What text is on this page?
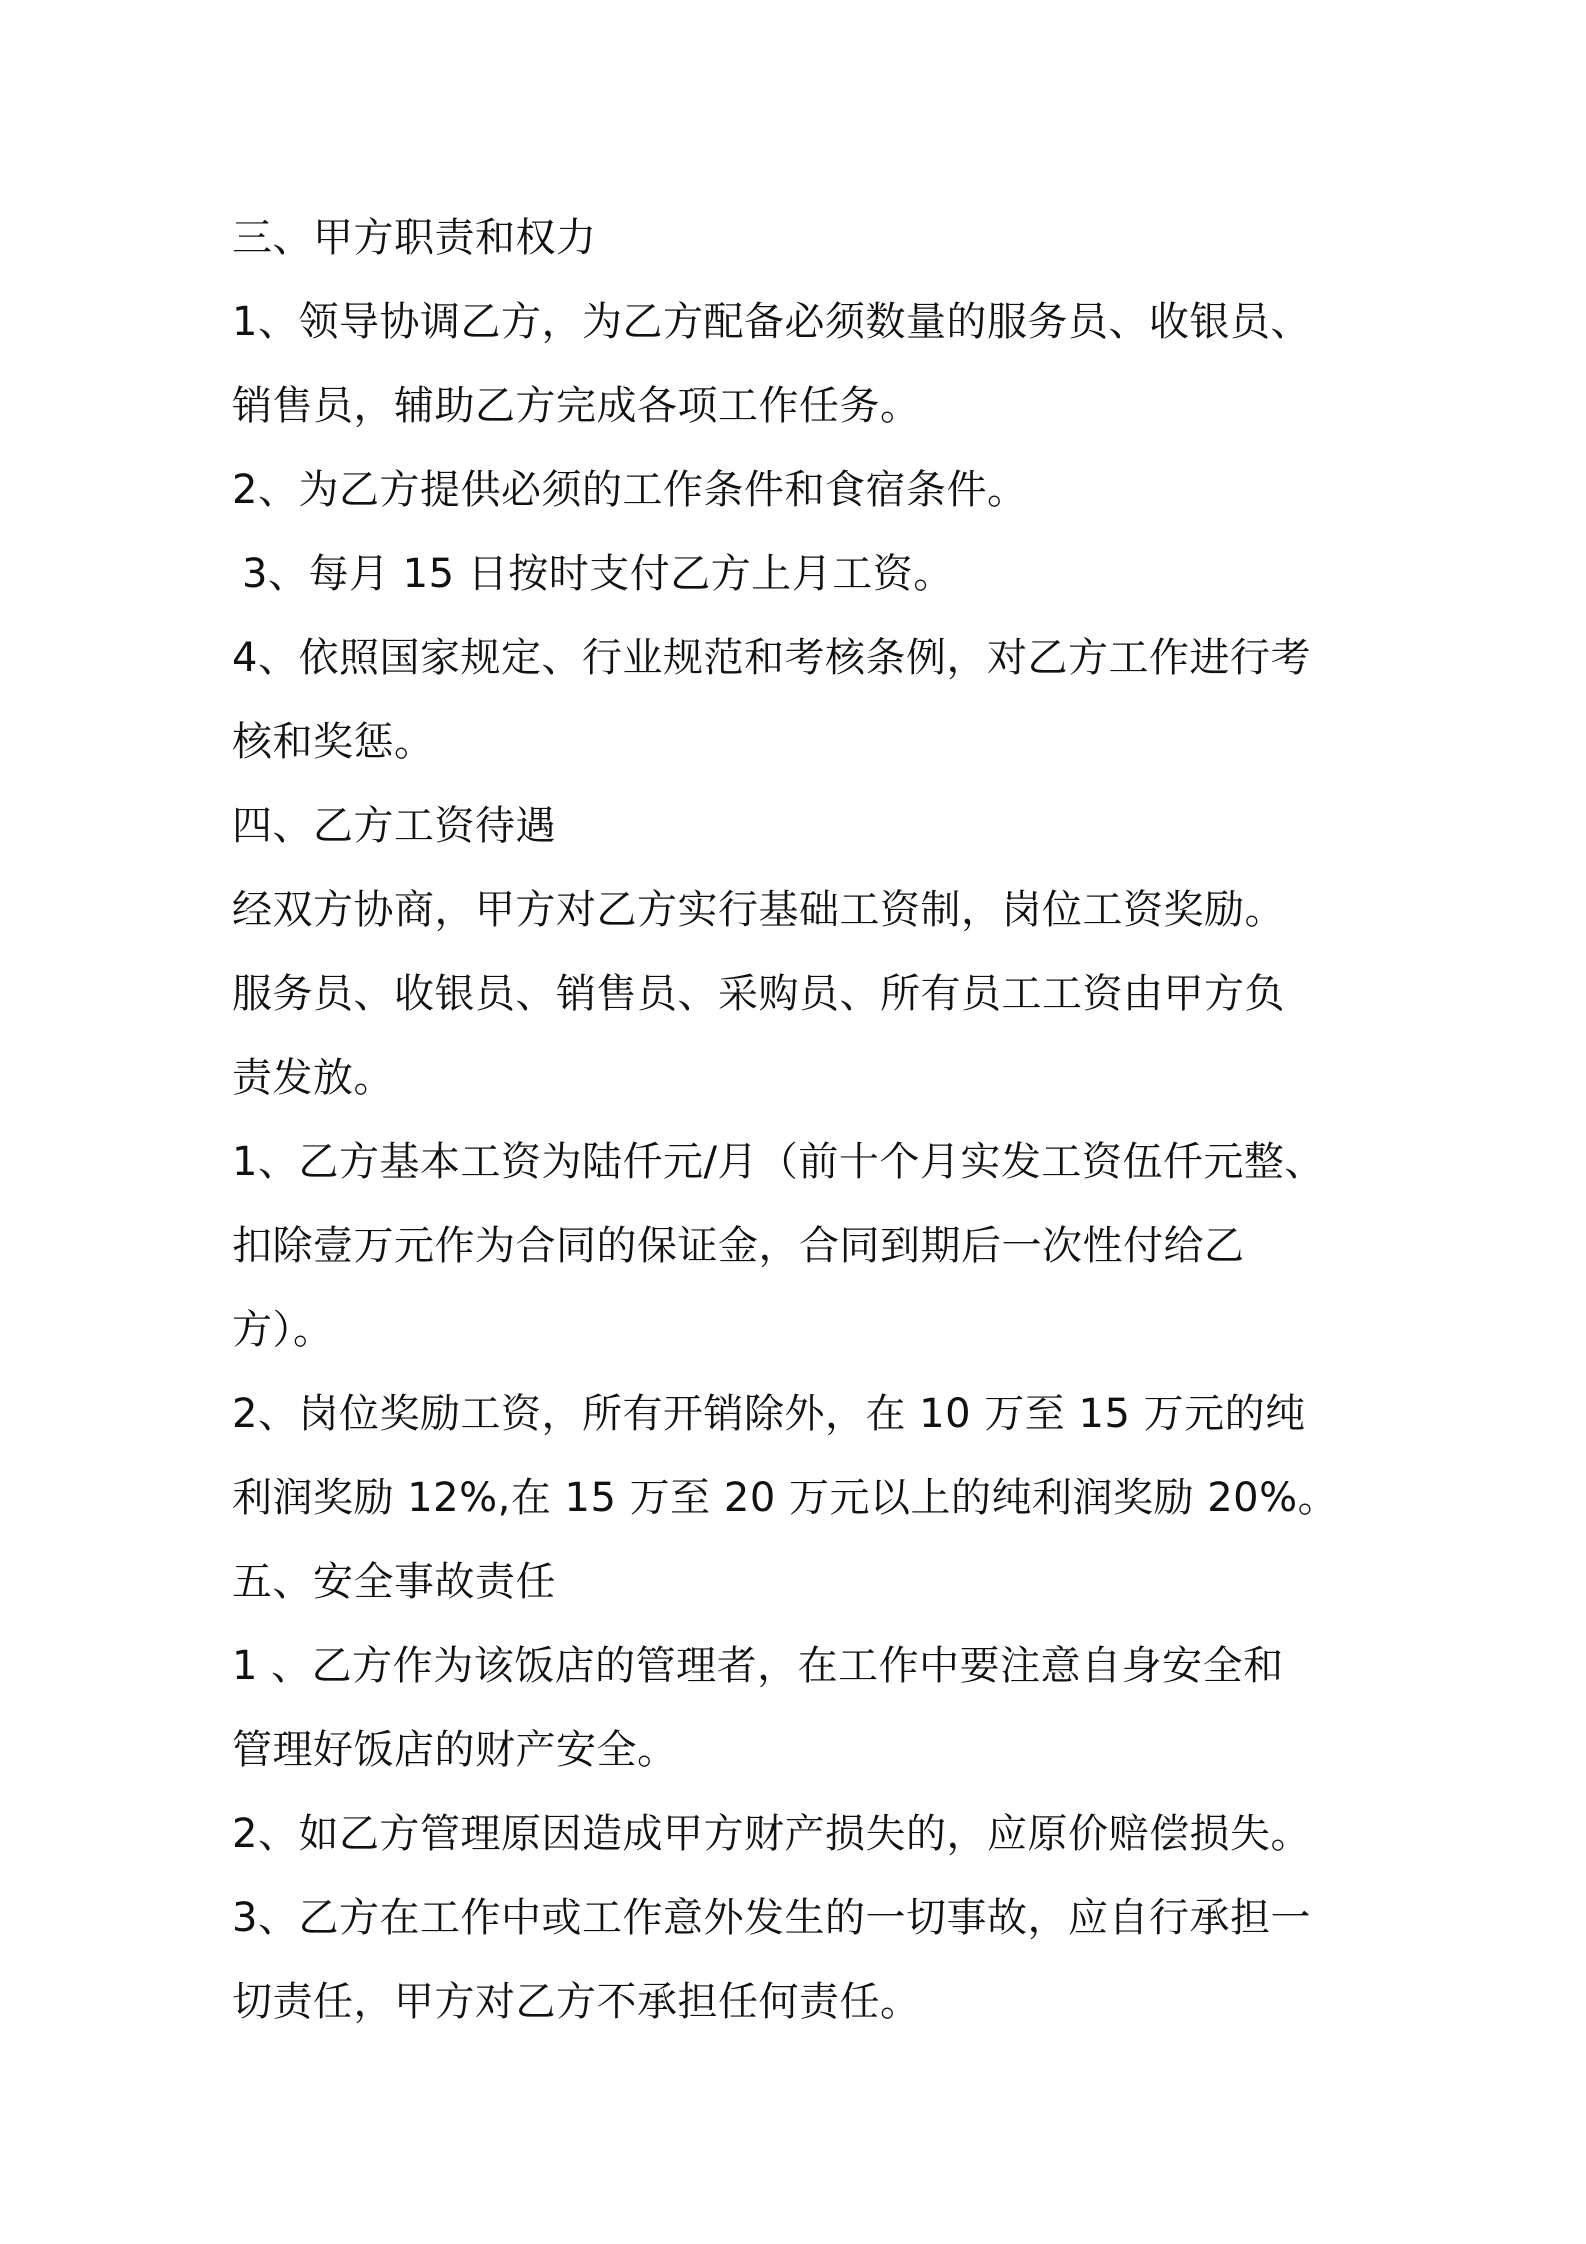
三、甲方职责和权力
1、领导协调乙方，为乙方配备必须数量的服务员、收银员、
销售员，辅助乙方完成各项工作任务。
2、为乙方提供必须的工作条件和食宿条件。
3、每月 15 日按时支付乙方上月工资。
4、依照国家规定、行业规范和考核条例，对乙方工作进行考
核和奖惩。
四、乙方工资待遇
经双方协商，甲方对乙方实行基础工资制，岗位工资奖励。
服务员、收银员、销售员、采购员、所有员工工资由甲方负
责发放。
1、乙方基本工资为陆仟元/月（前十个月实发工资伍仟元整、
扣除壹万元作为合同的保证金，合同到期后一次性付给乙
方）。
2、岗位奖励工资，所有开销除外，在 10 万至 15 万元的纯
利润奖励 12%,在 15 万至 20 万元以上的纯利润奖励 20%。
五、安全事故责任
1 、乙方作为该饭店的管理者，在工作中要注意自身安全和
管理好饭店的财产安全。
2、如乙方管理原因造成甲方财产损失的，应原价赔偿损失。
3、乙方在工作中或工作意外发生的一切事故，应自行承担一
切责任，甲方对乙方不承担任何责任。
